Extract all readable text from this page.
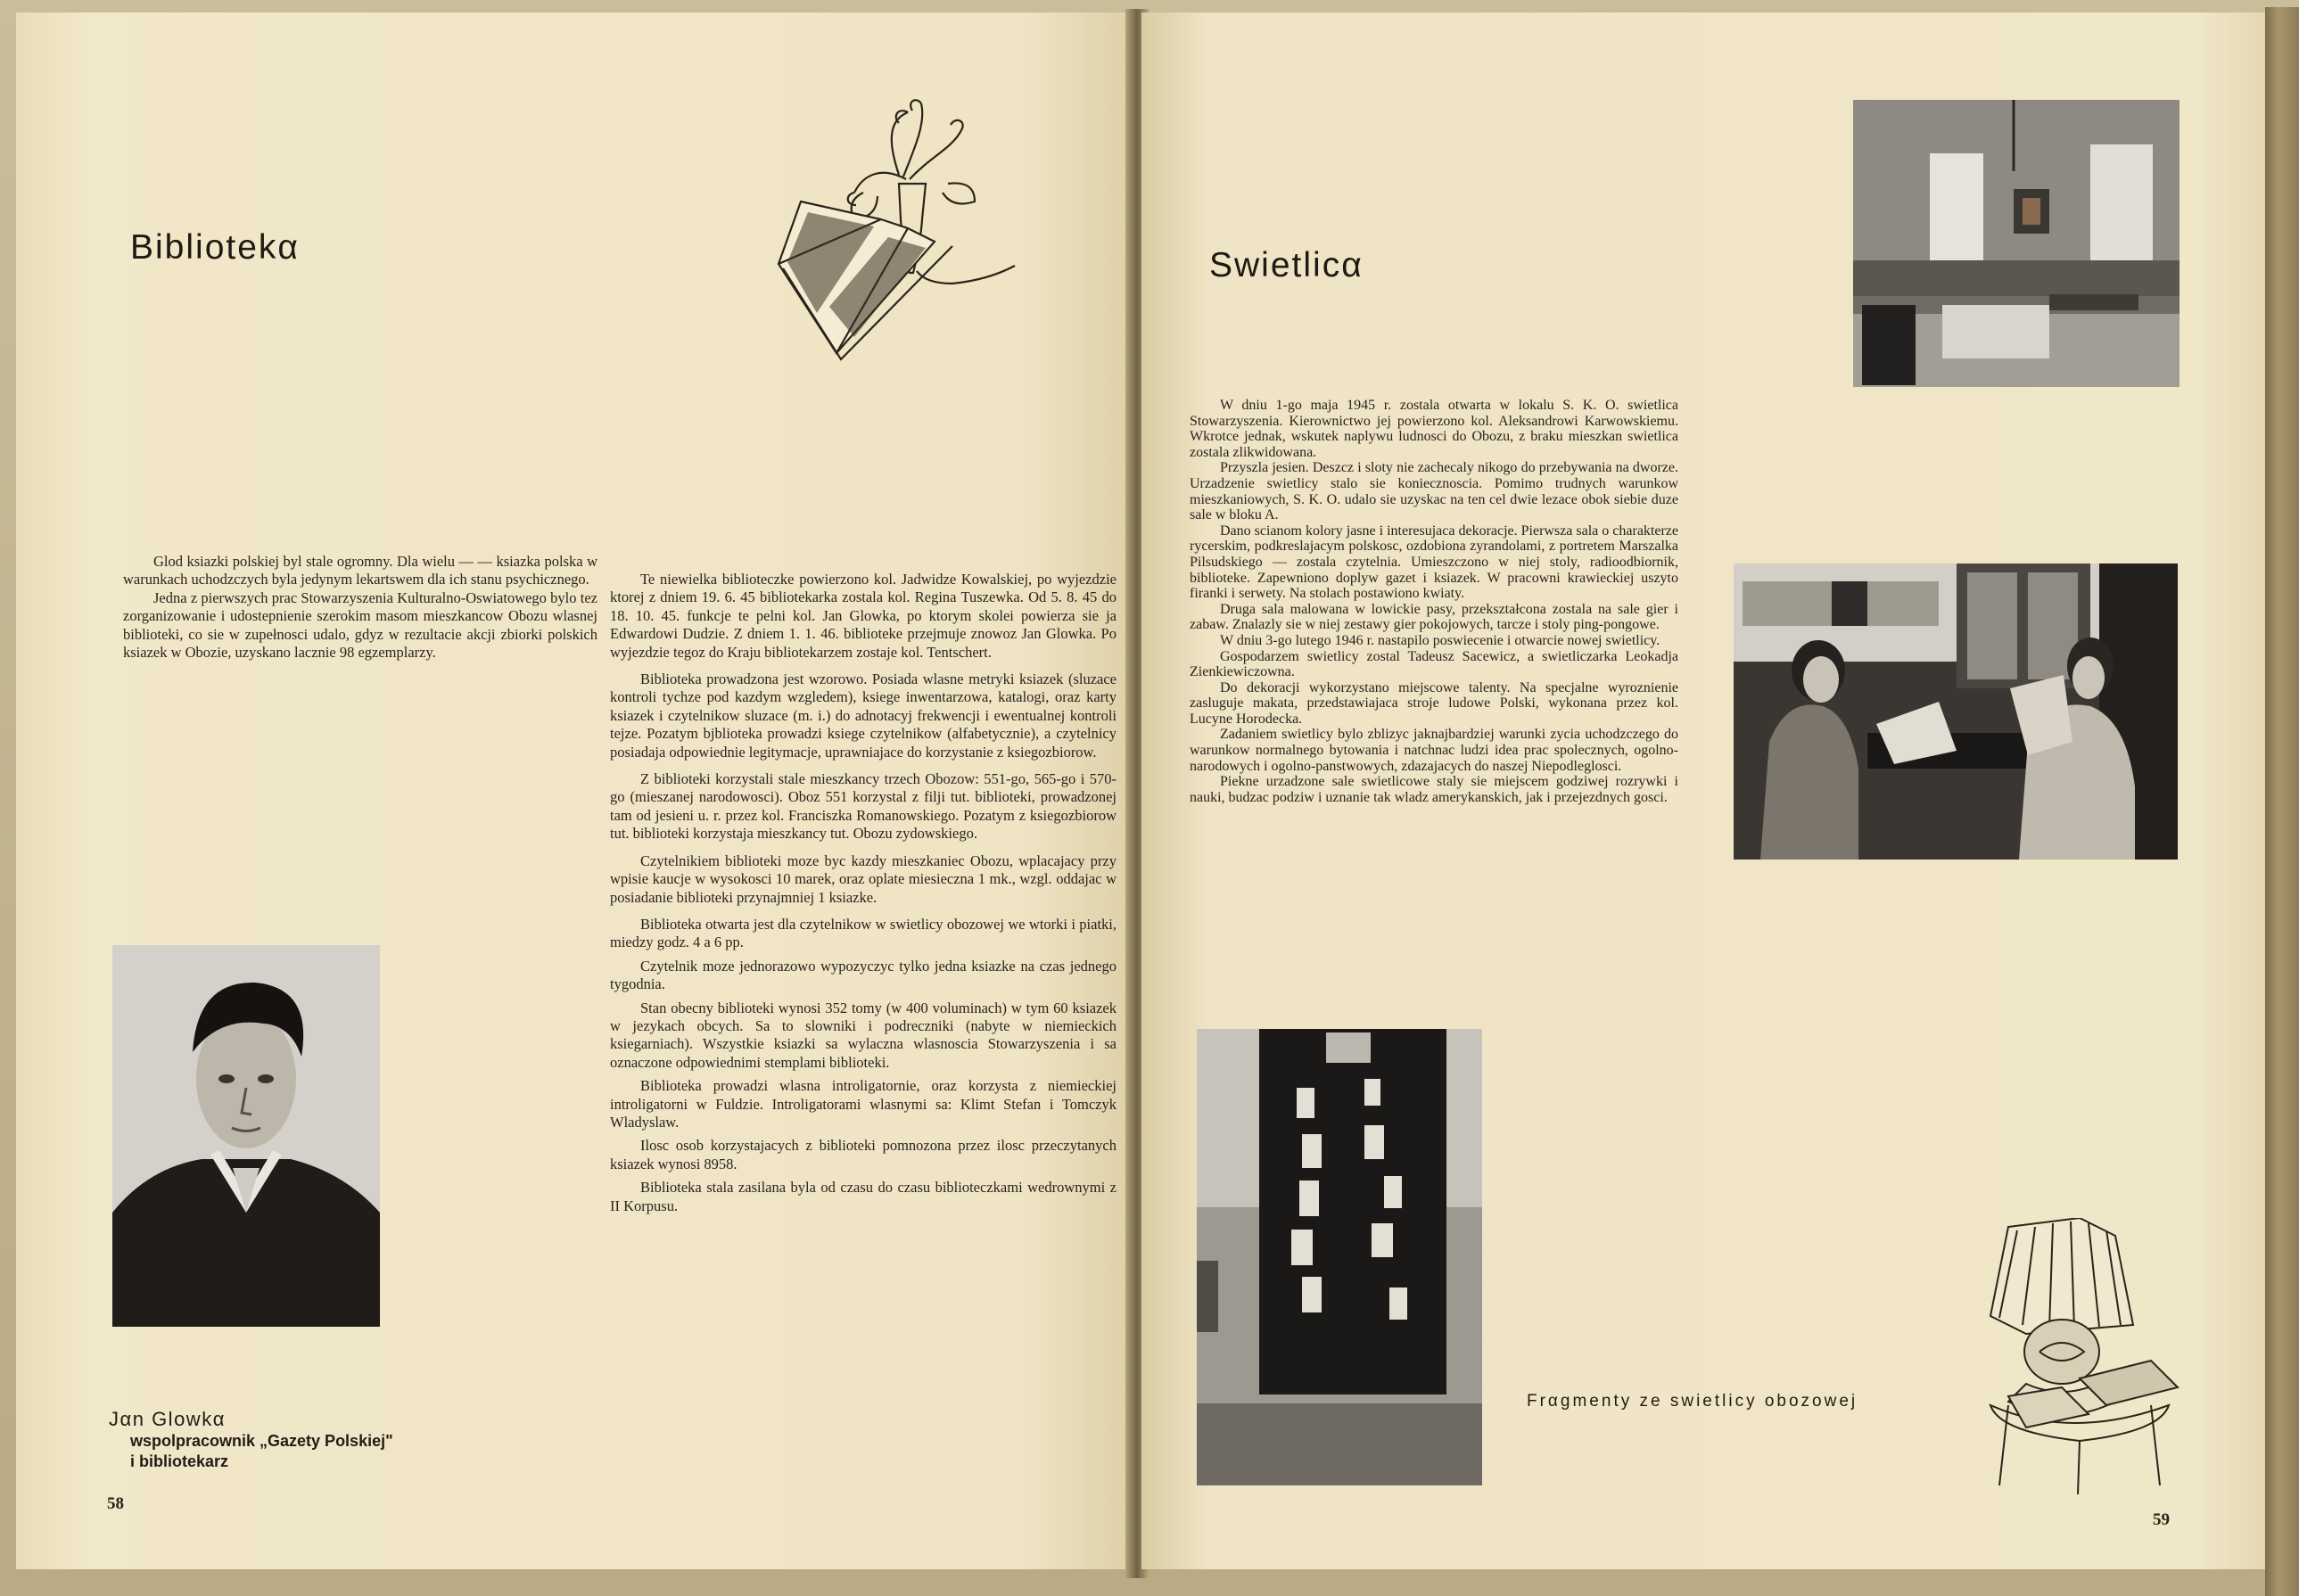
Bibliotekα

Glod ksiazki polskiej byl stale ogromny. Dla wielu — — ksiazka polska w warunkach uchodzczych byla jedynym lekartswem dla ich stanu psychicznego.

Jedna z pierwszych prac Stowarzyszenia Kulturalno-Oswiatowego bylo tez zorganizowanie i udostepnienie szerokim masom mieszkancow Obozu wlasnej biblioteki, co sie w zupełnosci udalo, gdyz w rezultacie akcji zbiorki polskich ksiazek w Obozie, uzyskano lacznie 98 egzemplarzy.

Te niewielka biblioteczke powierzono kol. Jadwidze Kowalskiej, po wyjezdzie ktorej z dniem 19. 6. 45 bibliotekarka zostala kol. Regina Tuszewka. Od 5. 8. 45 do 18. 10. 45. funkcje te pelni kol. Jan Glowka, po ktorym skolei powierza sie ja Edwardowi Dudzie. Z dniem 1. 1. 46. biblioteke przejmuje znowoz Jan Glowka. Po wyjezdzie tegoz do Kraju bibliotekarzem zostaje kol. Tentschert.

Biblioteka prowadzona jest wzorowo. Posiada wlasne metryki ksiazek (sluzace kontroli tychze pod kazdym wzgledem), ksiege inwentarzowa, katalogi, oraz karty ksiazek i czytelnikow sluzace (m. i.) do adnotacyj frekwencji i ewentualnej kontroli tejze. Pozatym bjblioteka prowadzi ksiege czytelnikow (alfabetycznie), a czytelnicy posiadaja odpowiednie legitymacje, uprawniajace do korzystanie z ksiegozbiorow.

Z biblioteki korzystali stale mieszkancy trzech Obozow: 551-go, 565-go i 570-go (mieszanej narodowosci). Oboz 551 korzystal z filji tut. biblioteki, prowadzonej tam od jesieni u. r. przez kol. Franciszka Romanowskiego. Pozatym z ksiegozbiorow tut. biblioteki korzystaja mieszkancy tut. Obozu zydowskiego.

Czytelnikiem biblioteki moze byc kazdy mieszkaniec Obozu, wplacajacy przy wpisie kaucje w wysokosci 10 marek, oraz oplate miesieczna 1 mk., wzgl. oddajac w posiadanie biblioteki przynajmniej 1 ksiazke.

Biblioteka otwarta jest dla czytelnikow w swietlicy obozowej we wtorki i piatki, miedzy godz. 4 a 6 pp.

Czytelnik moze jednorazowo wypozyczyc tylko jedna ksiazke na czas jednego tygodnia.

Stan obecny biblioteki wynosi 352 tomy (w 400 voluminach) w tym 60 ksiazek w jezykach obcych. Sa to slowniki i podreczniki (nabyte w niemieckich ksiegarniach). Wszystkie ksiazki sa wylaczna wlasnoscia Stowarzyszenia i sa oznaczone odpowiednimi stemplami biblioteki.

Biblioteka prowadzi wlasna introligatornie, oraz korzysta z niemieckiej introligatorni w Fuldzie. Introligatorami wlasnymi sa: Klimt Stefan i Tomczyk Wladyslaw.

Ilosc osob korzystajacych z biblioteki pomnozona przez ilosc przeczytanych ksiazek wynosi 8958.

Biblioteka stala zasilana byla od czasu do czasu biblioteczkami wedrownymi z II Korpusu.

Jαn Glowkα
wspolpracownik „Gazety Polskiej"
i bibliotekarz
58
Swietlicα

W dniu 1-go maja 1945 r. zostala otwarta w lokalu S. K. O. swietlica Stowarzyszenia. Kierownictwo jej powierzono kol. Aleksandrowi Karwowskiemu. Wkrotce jednak, wskutek naplywu ludnosci do Obozu, z braku mieszkan swietlica zostala zlikwidowana.

Przyszla jesien. Deszcz i sloty nie zachecaly nikogo do przebywania na dworze. Urzadzenie swietlicy stalo sie koniecznoscia. Pomimo trudnych warunkow mieszkaniowych, S. K. O. udalo sie uzyskac na ten cel dwie lezace obok siebie duze sale w bloku A.

Dano scianom kolory jasne i interesujaca dekoracje. Pierwsza sala o charakterze rycerskim, podkreslajacym polskosc, ozdobiona zyrandolami, z portretem Marszalka Pilsudskiego — zostala czytelnia. Umieszczono w niej stoly, radioodbiornik, biblioteke. Zapewniono doplyw gazet i ksiazek. W pracowni krawieckiej uszyto firanki i serwety. Na stolach postawiono kwiaty.

Druga sala malowana w lowickie pasy, przekształcona zostala na sale gier i zabaw. Znalazly sie w niej zestawy gier pokojowych, tarcze i stoly ping-pongowe.

W dniu 3-go lutego 1946 r. nastapilo poswiecenie i otwarcie nowej swietlicy.

Gospodarzem swietlicy zostal Tadeusz Sacewicz, a swietliczarka Leokadja Zienkiewiczowna.

Do dekoracji wykorzystano miejscowe talenty. Na specjalne wyroznienie zasluguje makata, przedstawiajaca stroje ludowe Polski, wykonana przez kol. Lucyne Horodecka.

Zadaniem swietlicy bylo zblizyc jaknajbardziej warunki zycia uchodzczego do warunkow normalnego bytowania i natchnac ludzi idea prac spolecznych, ogolno-narodowych i ogolno-panstwowych, zdazajacych do naszej Niepodleglosci.

Piekne urzadzone sale swietlicowe staly sie miejscem godziwej rozrywki i nauki, budzac podziw i uznanie tak wladz amerykanskich, jak i przejezdnych gosci.

Frαgmenty ze swietlicy obozowej
59
